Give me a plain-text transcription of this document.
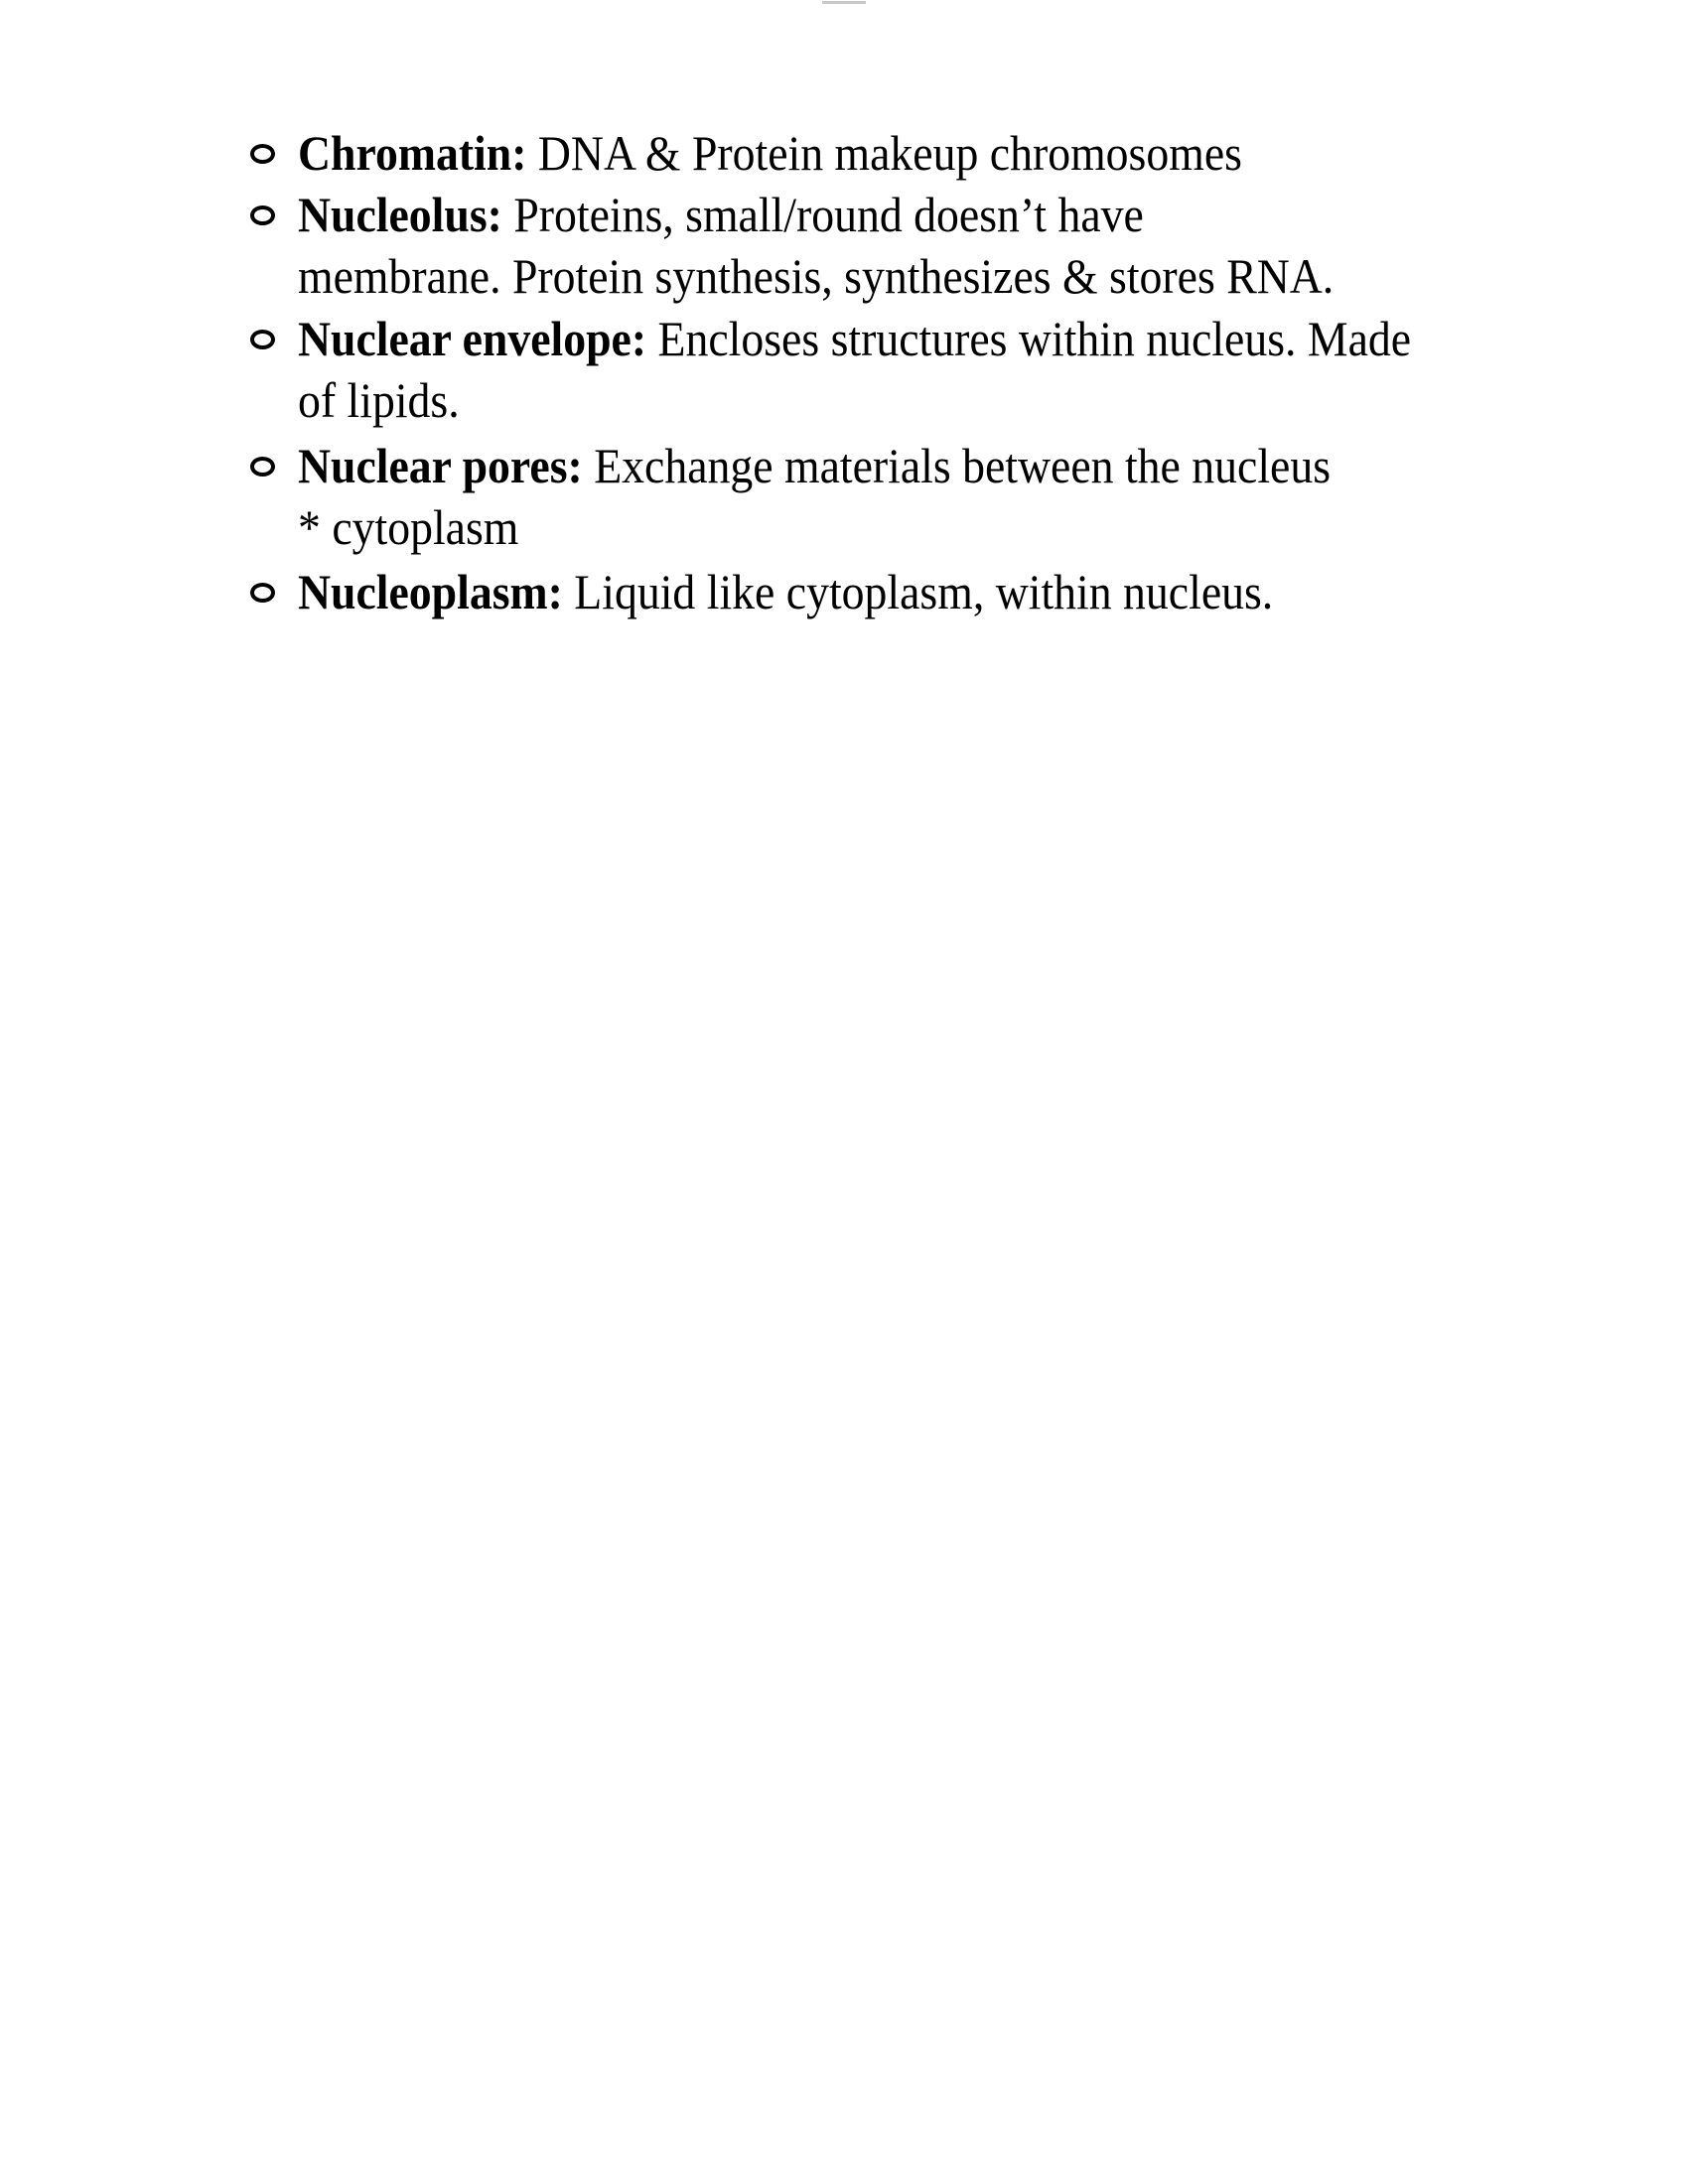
Chromatin: DNA & Protein makeup chromosomes
Nucleolus: Proteins, small/round doesn’t have
membrane. Protein synthesis, synthesizes & stores RNA.
Nuclear envelope: Encloses structures within nucleus. Made
of lipids.
Nuclear pores: Exchange materials between the nucleus
* cytoplasm
Nucleoplasm: Liquid like cytoplasm, within nucleus.
